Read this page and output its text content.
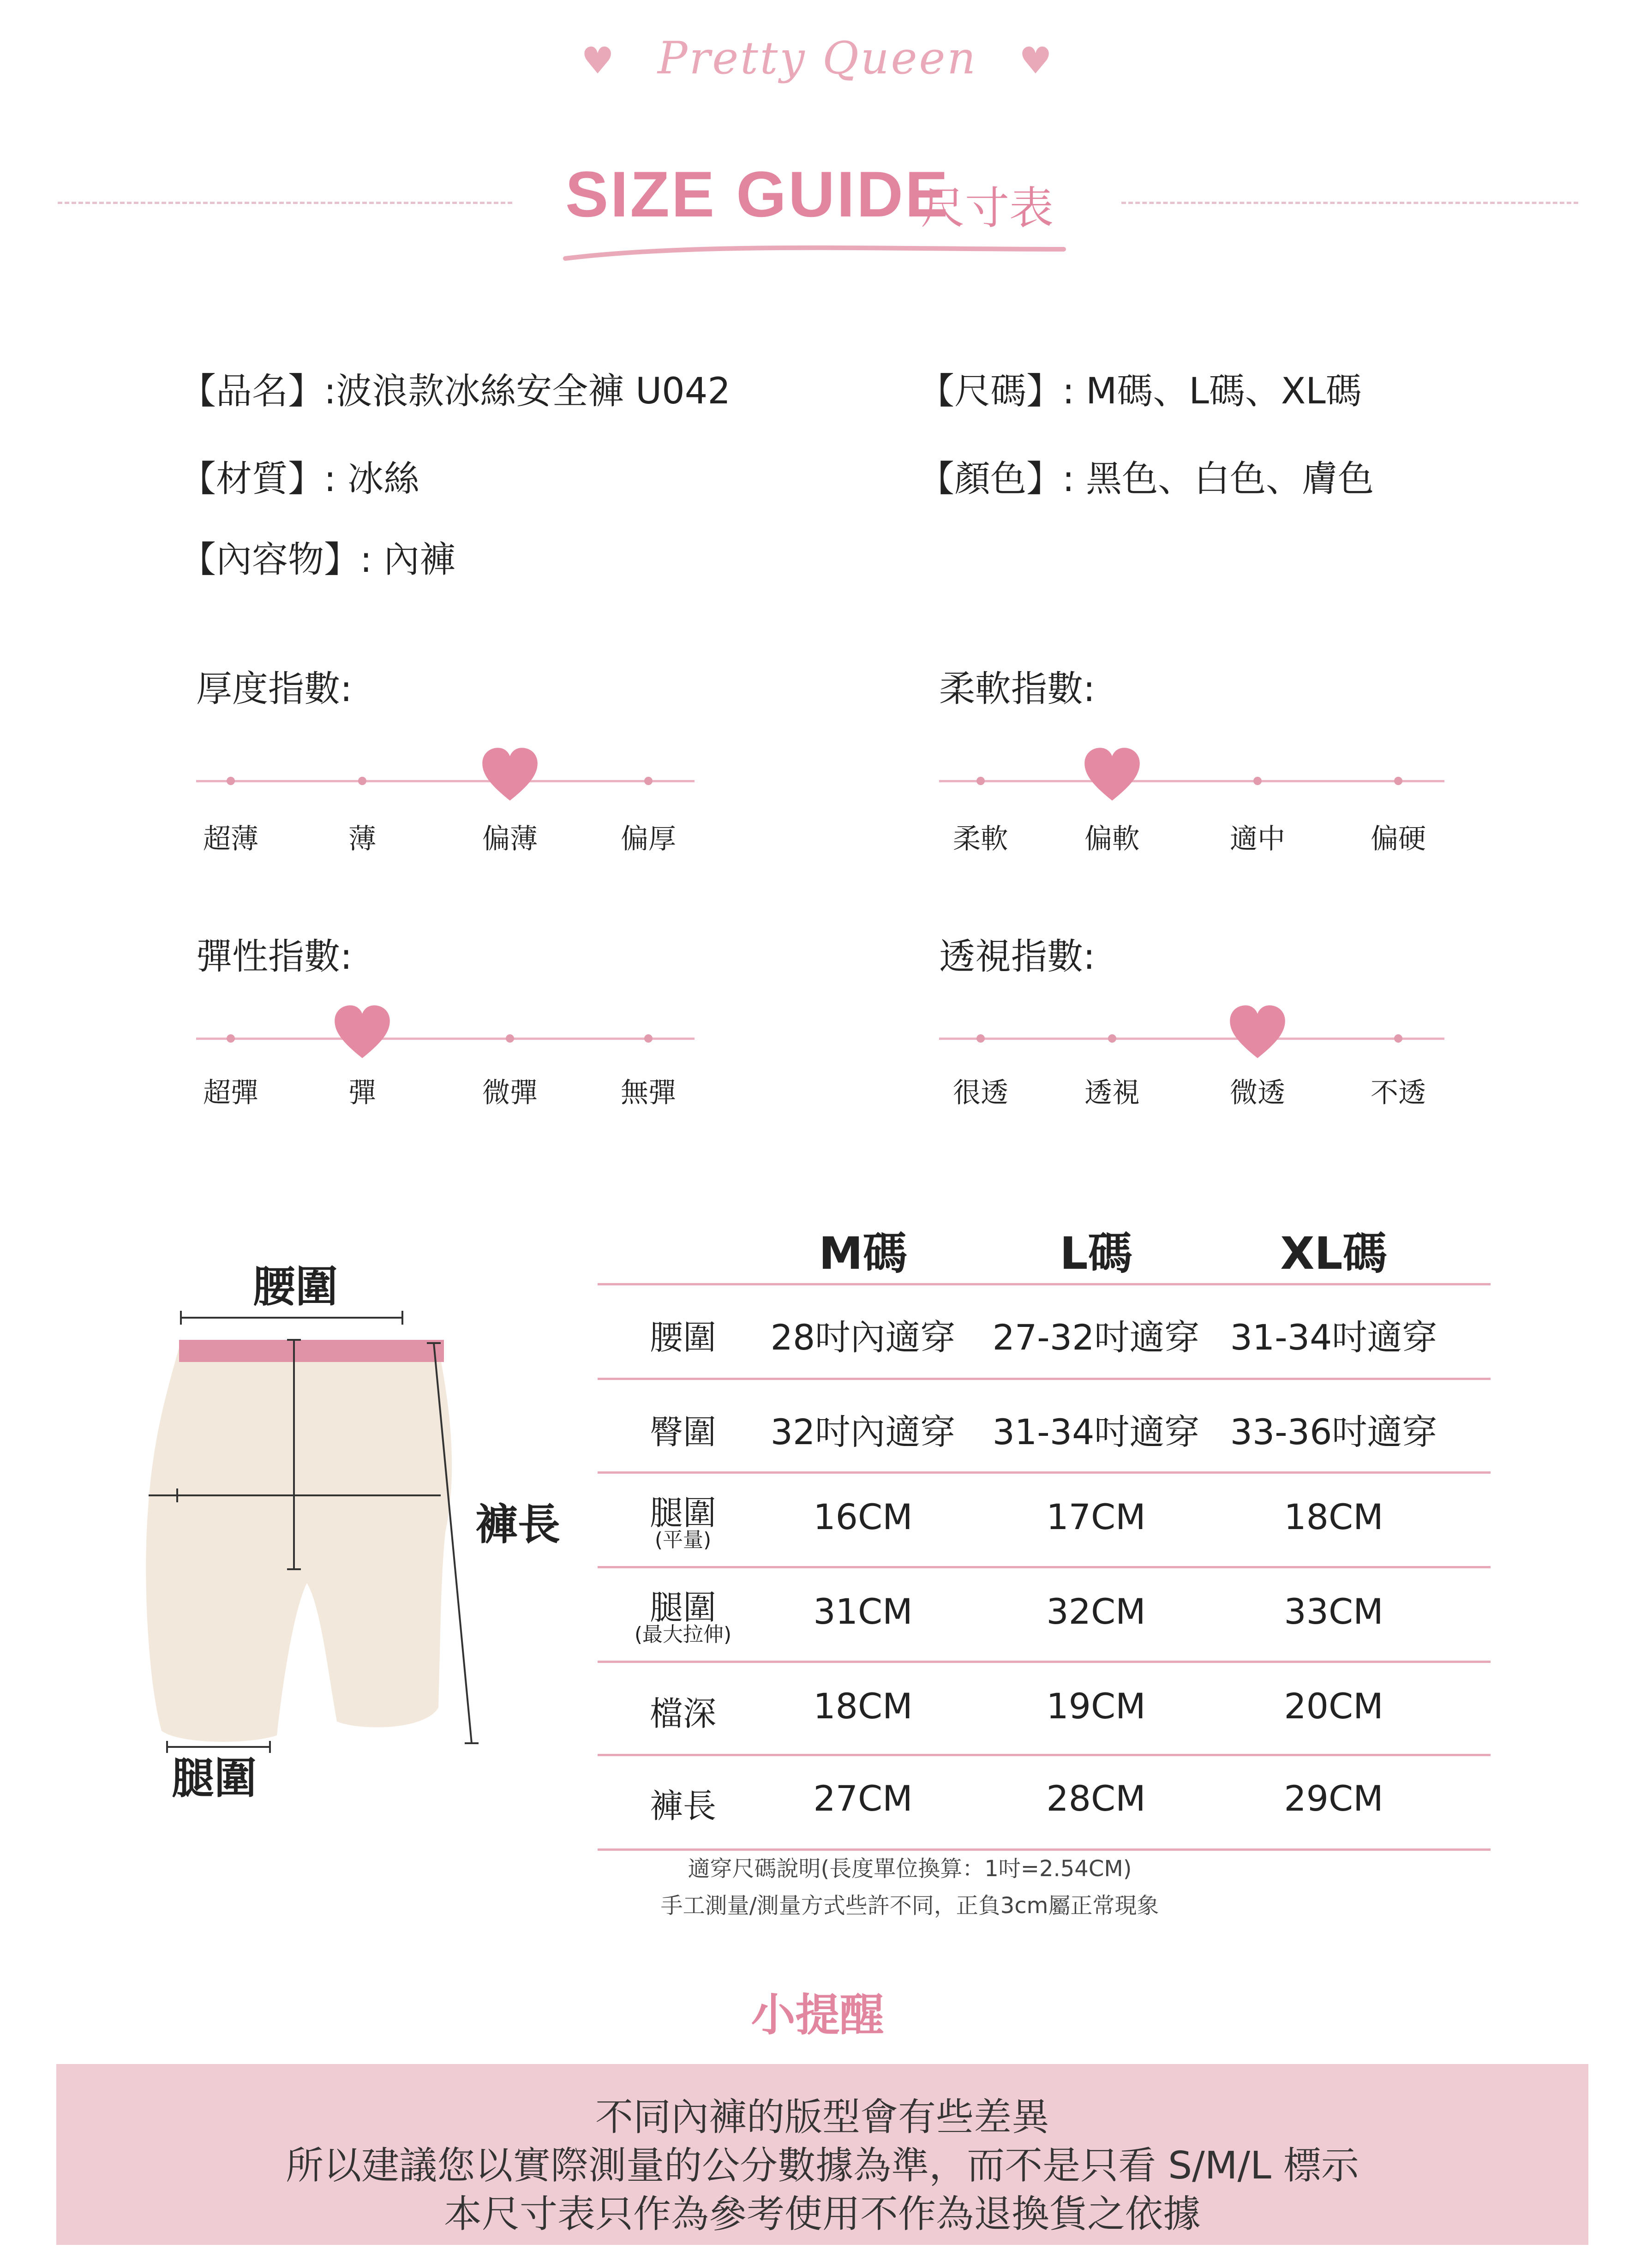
♥ Pretty Queen ♥
SIZE GUIDE
尺寸表
【品名】:波浪款冰絲安全褲 U042	【尺碼】: M碼、L碼、XL碼
【材質】: 冰絲	【顏色】: 黑色、白色、膚色
【內容物】: 內褲
厚度指數:
超薄	薄	偏薄	偏厚
柔軟指數:
柔軟	偏軟	適中	偏硬
彈性指數:
超彈	彈	微彈	無彈
透視指數:
很透	透視	微透	不透
腰圍
褲長
腿圍
M碼	L碼	XL碼
腰圍	28吋內適穿	27-32吋適穿 31-34吋適穿
臀圍	32吋內適穿	31-34吋適穿 33-36吋適穿
腿圍
(平量)
16CM	17CM	18CM
腿圍
(最大拉伸)
31CM	32CM	33CM
檔深	18CM	19CM	20CM
褲長	27CM	28CM	29CM
適穿尺碼說明(長度單位換算：1吋=2.54CM)
手工測量/測量方式些許不同，正負3cm屬正常現象
小提醒
不同內褲的版型會有些差異
所以建議您以實際測量的公分數據為準，而不是只看 S/M/L 標示
本尺寸表只作為參考使用不作為退換貨之依據
